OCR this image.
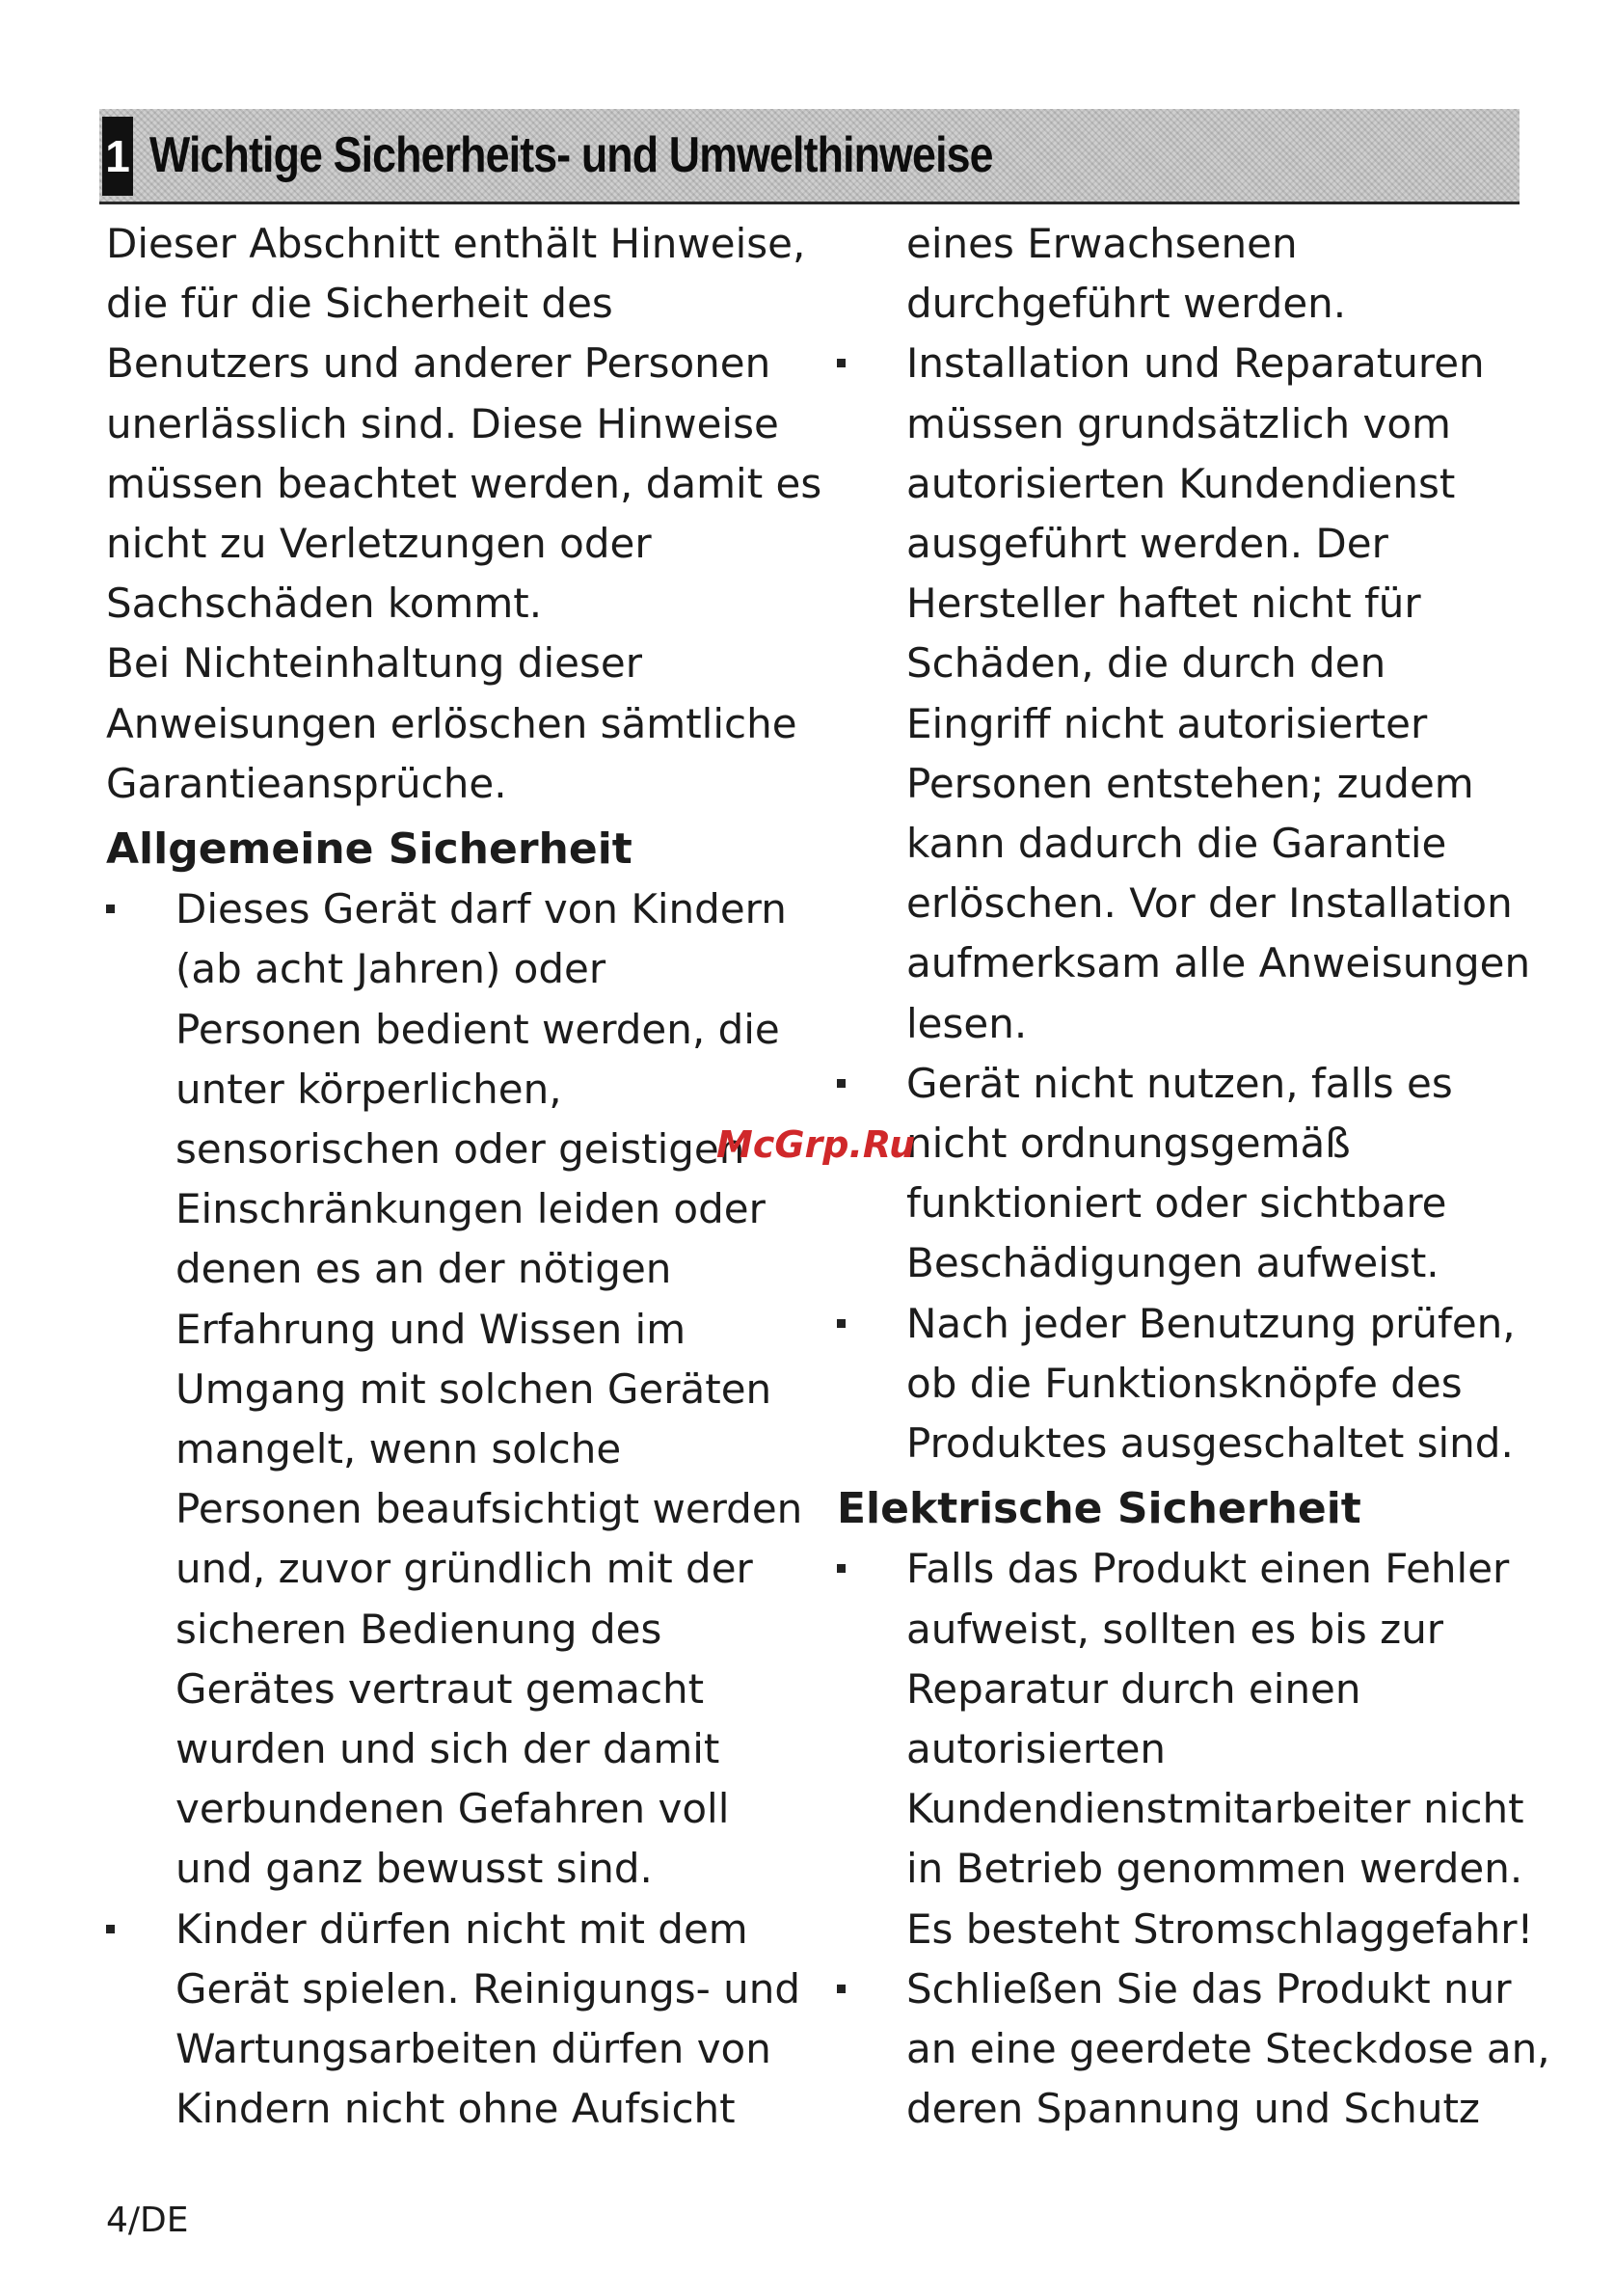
1 Wichtige Sicherheits- und Umwelthinweise
Dieser Abschnitt enthält Hinweise,
die für die Sicherheit des
Benutzers und anderer Personen
unerlässlich sind. Diese Hinweise
müssen beachtet werden, damit es
nicht zu Verletzungen oder
Sachschäden kommt.
Bei Nichteinhaltung dieser
Anweisungen erlöschen sämtliche
Garantieansprüche.
Allgemeine Sicherheit
Dieses Gerät darf von Kindern
(ab acht Jahren) oder
Personen bedient werden, die
unter körperlichen,
sensorischen oder geistigen
Einschränkungen leiden oder
denen es an der nötigen
Erfahrung und Wissen im
Umgang mit solchen Geräten
mangelt, wenn solche
Personen beaufsichtigt werden
und, zuvor gründlich mit der
sicheren Bedienung des
Gerätes vertraut gemacht
wurden und sich der damit
verbundenen Gefahren voll
und ganz bewusst sind.
Kinder dürfen nicht mit dem
Gerät spielen. Reinigungs- und
Wartungsarbeiten dürfen von
Kindern nicht ohne Aufsicht
eines Erwachsenen
durchgeführt werden.
Installation und Reparaturen
müssen grundsätzlich vom
autorisierten Kundendienst
ausgeführt werden. Der
Hersteller haftet nicht für
Schäden, die durch den
Eingriff nicht autorisierter
Personen entstehen; zudem
kann dadurch die Garantie
erlöschen. Vor der Installation
aufmerksam alle Anweisungen
lesen.
Gerät nicht nutzen, falls es
nicht ordnungsgemäß
funktioniert oder sichtbare
Beschädigungen aufweist.
Nach jeder Benutzung prüfen,
ob die Funktionsknöpfe des
Produktes ausgeschaltet sind.
Elektrische Sicherheit
Falls das Produkt einen Fehler
aufweist, sollten es bis zur
Reparatur durch einen
autorisierten
Kundendienstmitarbeiter nicht
in Betrieb genommen werden.
Es besteht Stromschlaggefahr!
Schließen Sie das Produkt nur
an eine geerdete Steckdose an,
deren Spannung und Schutz
McGrp.Ru
4/DE
